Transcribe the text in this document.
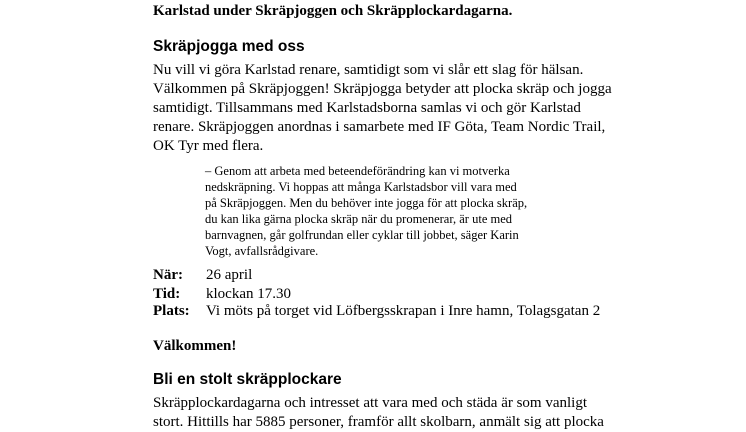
Karlstad under Skräpjoggen och Skräpplockardagarna.

Skräpjogga med oss

Nu vill vi göra Karlstad renare, samtidigt som vi slår ett slag för hälsan.

Välkommen på Skräpjoggen! Skräpjogga betyder att plocka skräp och jogga

samtidigt. Tillsammans med Karlstadsborna samlas vi och gör Karlstad

renare. Skräpjoggen anordnas i samarbete med IF Göta, Team Nordic Trail,

OK Tyr med flera.

– Genom att arbeta med beteendeförändring kan vi motverka

nedskräpning. Vi hoppas att många Karlstadsbor vill vara med

på Skräpjoggen. Men du behöver inte jogga för att plocka skräp,

du kan lika gärna plocka skräp när du promenerar, är ute med

barnvagnen, går golfrundan eller cyklar till jobbet, säger Karin

Vogt, avfallsrådgivare.

När: 26 april
Tid: klockan 17.30
Plats: Vi möts på torget vid Löfbergsskrapan i Inre hamn, Tolagsgatan 2

Välkommen!

Bli en stolt skräpplockare

Skräpplockardagarna och intresset att vara med och städa är som vanligt

stort. Hittills har 5885 personer, framför allt skolbarn, anmält sig att plocka
